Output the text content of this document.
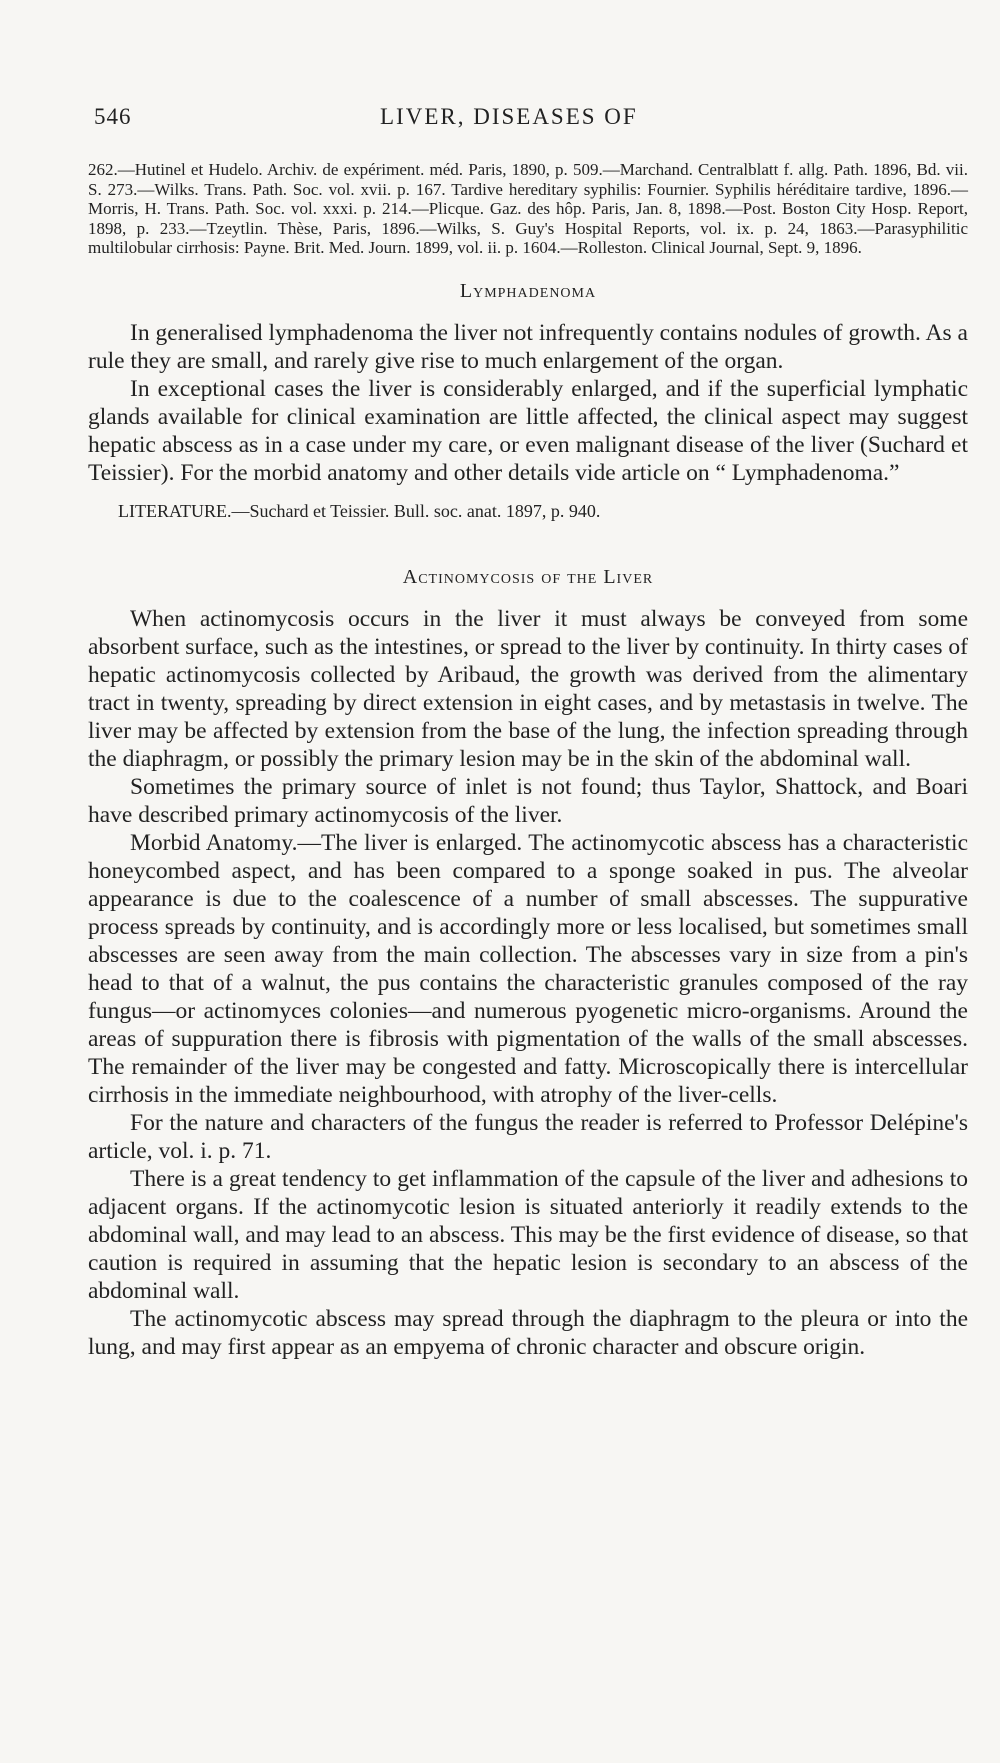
546	LIVER, DISEASES OF

262.—Hutinel et Hudelo. Archiv. de expériment. méd. Paris, 1890, p. 509.—Marchand. Centralblatt f. allg. Path. 1896, Bd. vii. S. 273.—Wilks. Trans. Path. Soc. vol. xvii. p. 167. Tardive hereditary syphilis: Fournier. Syphilis héréditaire tardive, 1896.—Morris, H. Trans. Path. Soc. vol. xxxi. p. 214.—Plicque. Gaz. des hôp. Paris, Jan. 8, 1898.—Post. Boston City Hosp. Report, 1898, p. 233.—Tzeytlin. Thèse, Paris, 1896.—Wilks, S. Guy's Hospital Reports, vol. ix. p. 24, 1863.—Parasyphilitic multilobular cirrhosis: Payne. Brit. Med. Journ. 1899, vol. ii. p. 1604.—Rolleston. Clinical Journal, Sept. 9, 1896.

Lymphadenoma

In generalised lymphadenoma the liver not infrequently contains nodules of growth. As a rule they are small, and rarely give rise to much enlargement of the organ.

In exceptional cases the liver is considerably enlarged, and if the superficial lymphatic glands available for clinical examination are little affected, the clinical aspect may suggest hepatic abscess as in a case under my care, or even malignant disease of the liver (Suchard et Teissier). For the morbid anatomy and other details vide article on “ Lymphadenoma.”

LITERATURE.—Suchard et Teissier. Bull. soc. anat. 1897, p. 940.

Actinomycosis of the Liver

When actinomycosis occurs in the liver it must always be conveyed from some absorbent surface, such as the intestines, or spread to the liver by continuity. In thirty cases of hepatic actinomycosis collected by Aribaud, the growth was derived from the alimentary tract in twenty, spreading by direct extension in eight cases, and by metastasis in twelve. The liver may be affected by extension from the base of the lung, the infection spreading through the diaphragm, or possibly the primary lesion may be in the skin of the abdominal wall.

Sometimes the primary source of inlet is not found; thus Taylor, Shattock, and Boari have described primary actinomycosis of the liver.

Morbid Anatomy.—The liver is enlarged. The actinomycotic abscess has a characteristic honeycombed aspect, and has been compared to a sponge soaked in pus. The alveolar appearance is due to the coalescence of a number of small abscesses. The suppurative process spreads by continuity, and is accordingly more or less localised, but sometimes small abscesses are seen away from the main collection. The abscesses vary in size from a pin's head to that of a walnut, the pus contains the characteristic granules composed of the ray fungus—or actinomyces colonies—and numerous pyogenetic micro-organisms. Around the areas of suppuration there is fibrosis with pigmentation of the walls of the small abscesses. The remainder of the liver may be congested and fatty. Microscopically there is intercellular cirrhosis in the immediate neighbourhood, with atrophy of the liver-cells.

For the nature and characters of the fungus the reader is referred to Professor Delépine's article, vol. i. p. 71.

There is a great tendency to get inflammation of the capsule of the liver and adhesions to adjacent organs. If the actinomycotic lesion is situated anteriorly it readily extends to the abdominal wall, and may lead to an abscess. This may be the first evidence of disease, so that caution is required in assuming that the hepatic lesion is secondary to an abscess of the abdominal wall.

The actinomycotic abscess may spread through the diaphragm to the pleura or into the lung, and may first appear as an empyema of chronic character and obscure origin.
